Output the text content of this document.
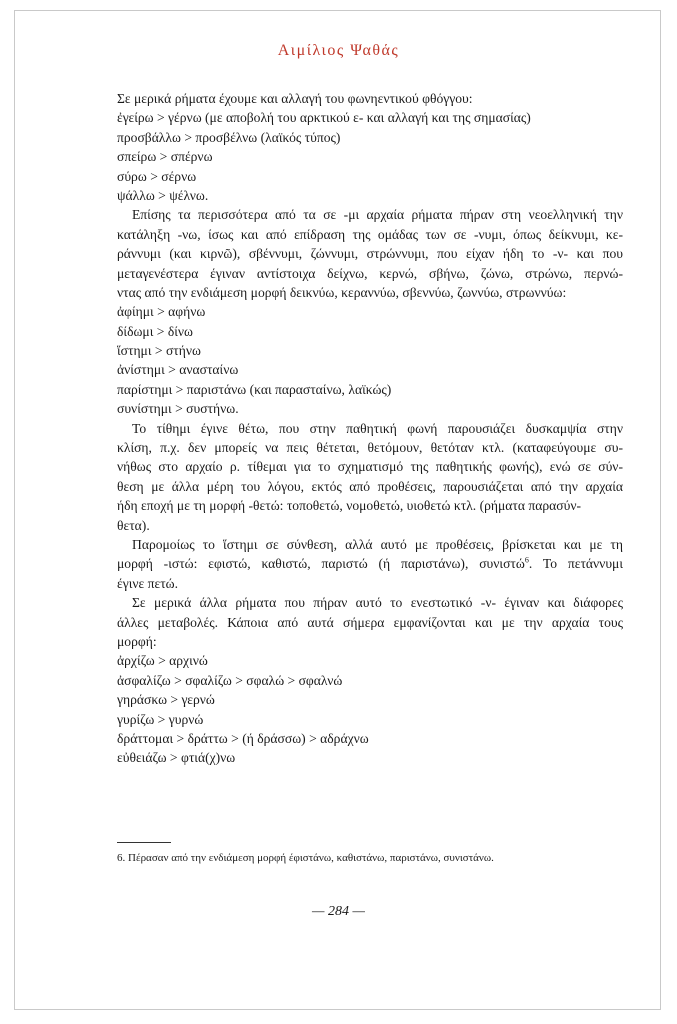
Αιμίλιος Ψαθάς
Σε μερικά ρήματα έχουμε και αλλαγή του φωνηεντικού φθόγγου:
ἐγείρω > γέρνω (με αποβολή του αρκτικού ε- και αλλαγή και της σημασίας)
προσβάλλω > προσβέλνω (λαϊκός τύπος)
σπείρω > σπέρνω
σύρω > σέρνω
ψάλλω > ψέλνω.
Επίσης τα περισσότερα από τα σε -μι αρχαία ρήματα πήραν στη νεοελληνική την
κατάληξη -νω, ίσως και από επίδραση της ομάδας των σε -νυμι, όπως δείκνυμι, κε-
ράννυμι (και κιρνῶ), σβέννυμι, ζώννυμι, στρώννυμι, που είχαν ήδη το -ν- και που
μεταγενέστερα έγιναν αντίστοιχα δείχνω, κερνώ, σβήνω, ζώνω, στρώνω, περνώ-
ντας από την ενδιάμεση μορφή δεικνύω, κεραννύω, σβεννύω, ζωννύω, στρωννύω:
ἀφίημι > αφήνω
δίδωμι > δίνω
ἵστημι > στήνω
ἀνίστημι > ανασταίνω
παρίστημι > παριστάνω (και παρασταίνω, λαϊκώς)
συνίστημι > συστήνω.
Το τίθημι έγινε θέτω, που στην παθητική φωνή παρουσιάζει δυσκαμψία στην
κλίση, π.χ. δεν μπορείς να πεις θέτεται, θετόμουν, θετόταν κτλ. (καταφεύγουμε συ-
νήθως στο αρχαίο ρ. τίθεμαι για το σχηματισμό της παθητικής φωνής), ενώ σε σύν-
θεση με άλλα μέρη του λόγου, εκτός από προθέσεις, παρουσιάζεται από την αρχαία
ήδη εποχή με τη μορφή -θετώ: τοποθετώ, νομοθετώ, υιοθετώ κτλ. (ρήματα παρασύν-
θετα).
Παρομοίως το ἵστημι σε σύνθεση, αλλά αυτό με προθέσεις, βρίσκεται και με τη
μορφή -ιστώ: εφιστώ, καθιστώ, παριστώ (ή παριστάνω), συνιστώ$^6$. Το πετάννυμι
έγινε πετώ.
Σε μερικά άλλα ρήματα που πήραν αυτό το ενεστωτικό -ν- έγιναν και διάφορες
άλλες μεταβολές. Κάποια από αυτά σήμερα εμφανίζονται και με την αρχαία τους
μορφή:
ἀρχίζω > αρχινώ
ἀσφαλίζω > σφαλίζω > σφαλώ > σφαλνώ
γηράσκω > γερνώ
γυρίζω > γυρνώ
δράττομαι > δράττω > (ή δράσσω) > αδράχνω
εὐθειάζω > φτιά(χ)νω
6. Πέρασαν από την ενδιάμεση μορφή έφιστάνω, καθιστάνω, παριστάνω, συνιστάνω.
— 284 —
